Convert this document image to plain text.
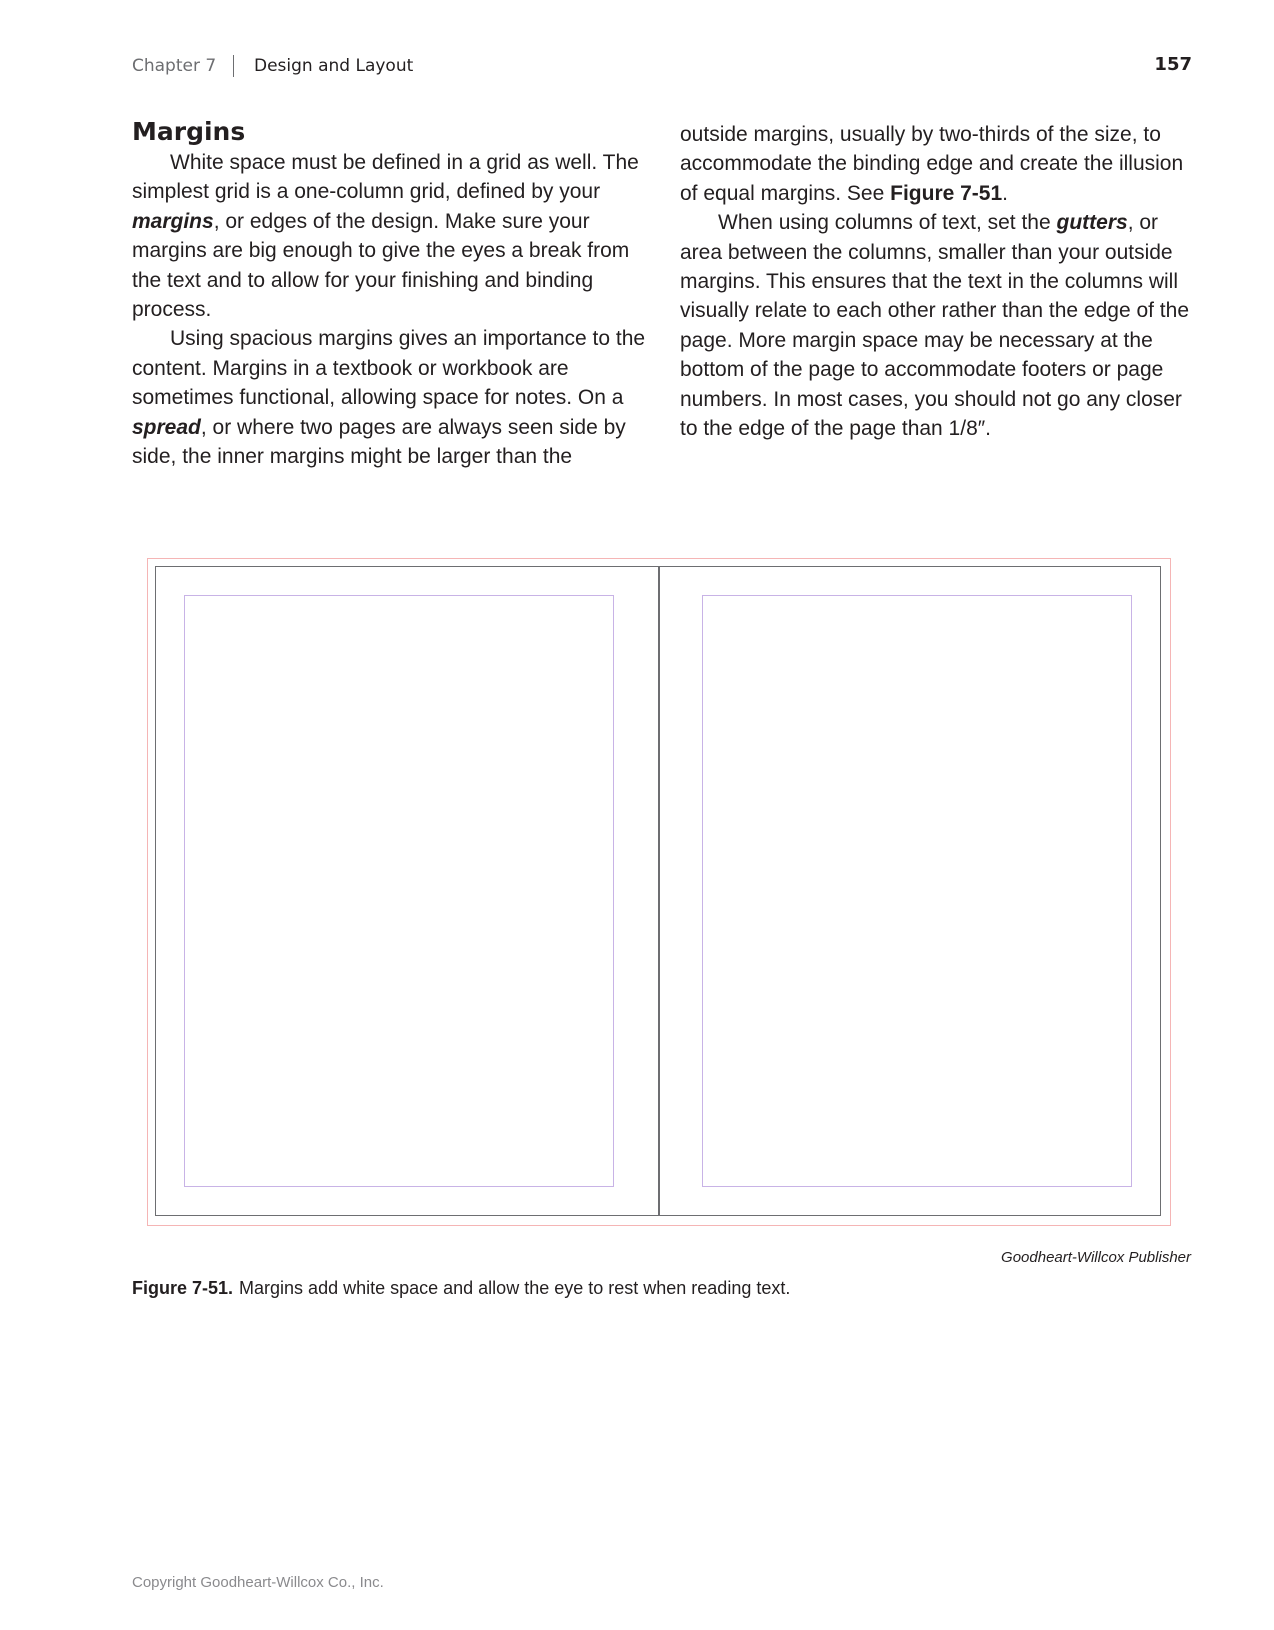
Chapter 7 Design and Layout	157
Margins

White space must be defined in a grid as well. The simplest grid is a one-column grid, defined by your margins, or edges of the design. Make sure your margins are big enough to give the eyes a break from the text and to allow for your finishing and binding process.

Using spacious margins gives an importance to the content. Margins in a textbook or workbook are sometimes functional, allowing space for notes. On a spread, or where two pages are always seen side by side, the inner margins might be larger than the

outside margins, usually by two-thirds of the size, to accommodate the binding edge and create the illusion of equal margins. See Figure 7-51.

When using columns of text, set the gutters, or area between the columns, smaller than your outside margins. This ensures that the text in the columns will visually relate to each other rather than the edge of the page. More margin space may be necessary at the bottom of the page to accommodate footers or page numbers. In most cases, you should not go any closer to the edge of the page than 1/8″.

Goodheart-Willcox Publisher
Figure 7-51. Margins add white space and allow the eye to rest when reading text.
Copyright Goodheart-Willcox Co., Inc.
